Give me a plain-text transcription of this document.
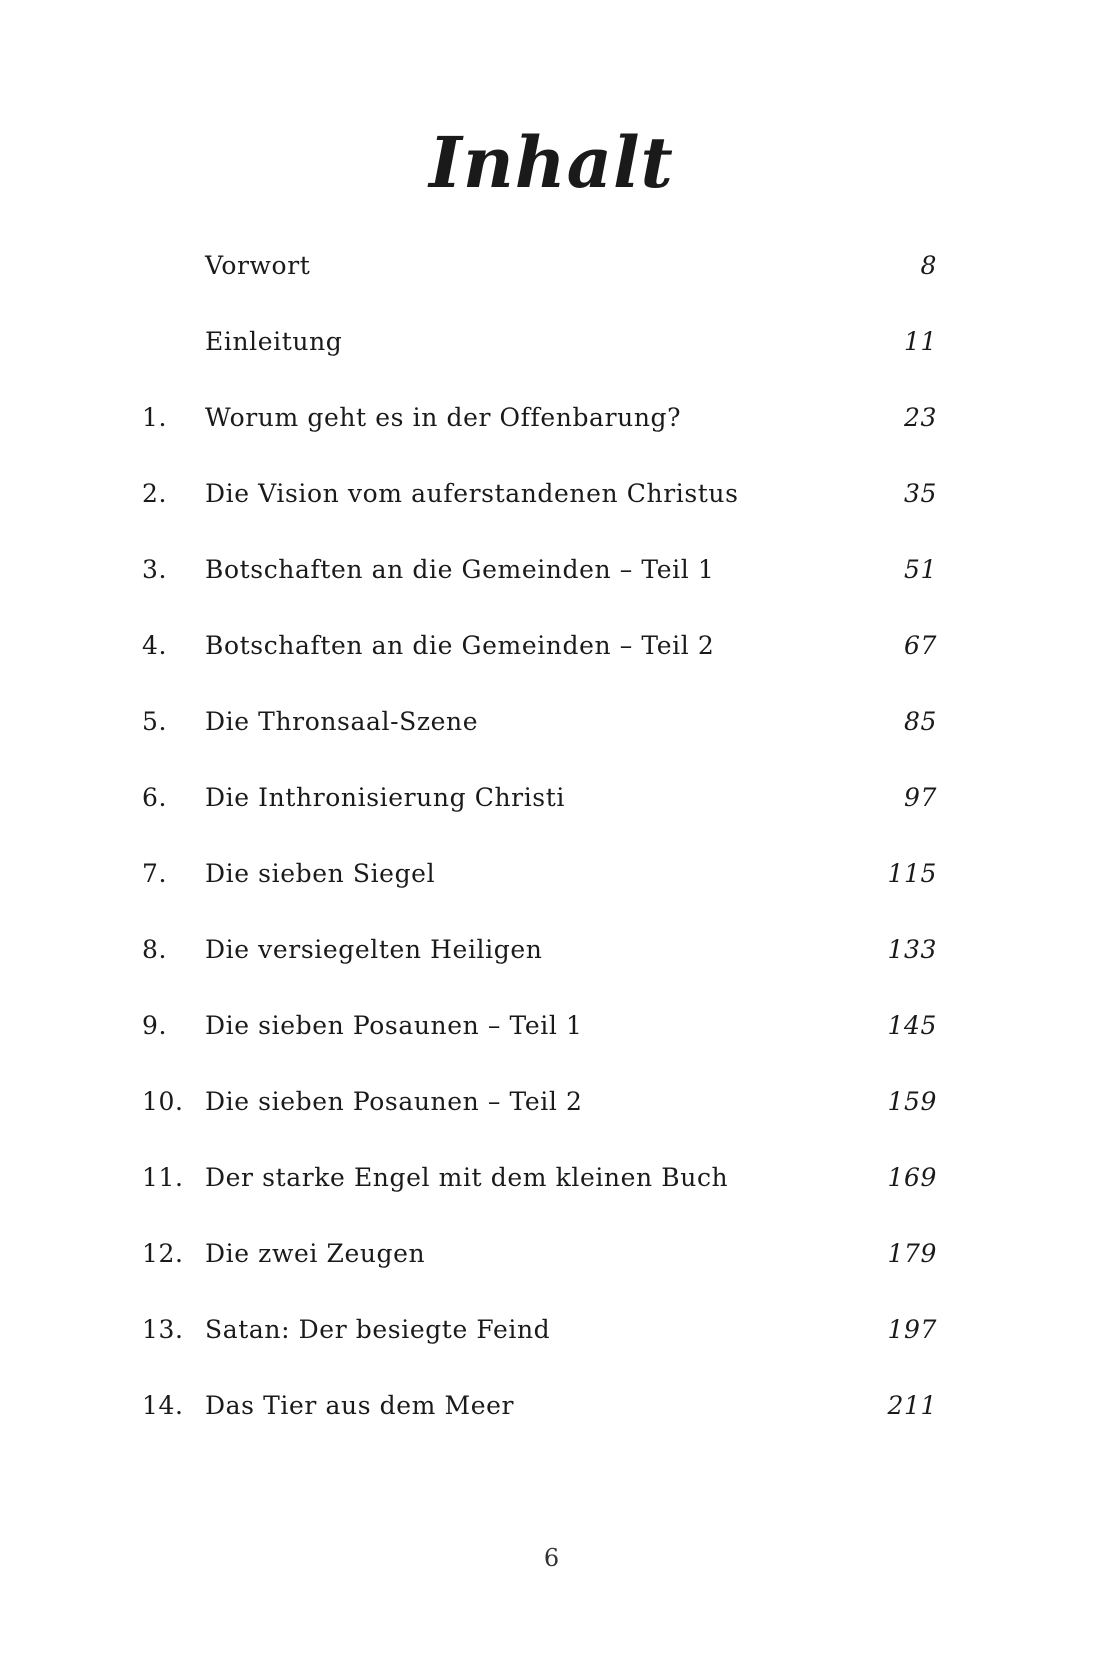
Inhalt
Vorwort	8
Einleitung	11
1. Worum geht es in der Offenbarung?	23
2. Die Vision vom auferstandenen Christus	35
3. Botschaften an die Gemeinden – Teil 1	51
4. Botschaften an die Gemeinden – Teil 2	67
5. Die Thronsaal-Szene	85
6. Die Inthronisierung Christi	97
7. Die sieben Siegel	115
8. Die versiegelten Heiligen	133
9. Die sieben Posaunen – Teil 1	145
10. Die sieben Posaunen – Teil 2	159
11. Der starke Engel mit dem kleinen Buch	169
12. Die zwei Zeugen	179
13. Satan: Der besiegte Feind	197
14. Das Tier aus dem Meer	211
6
